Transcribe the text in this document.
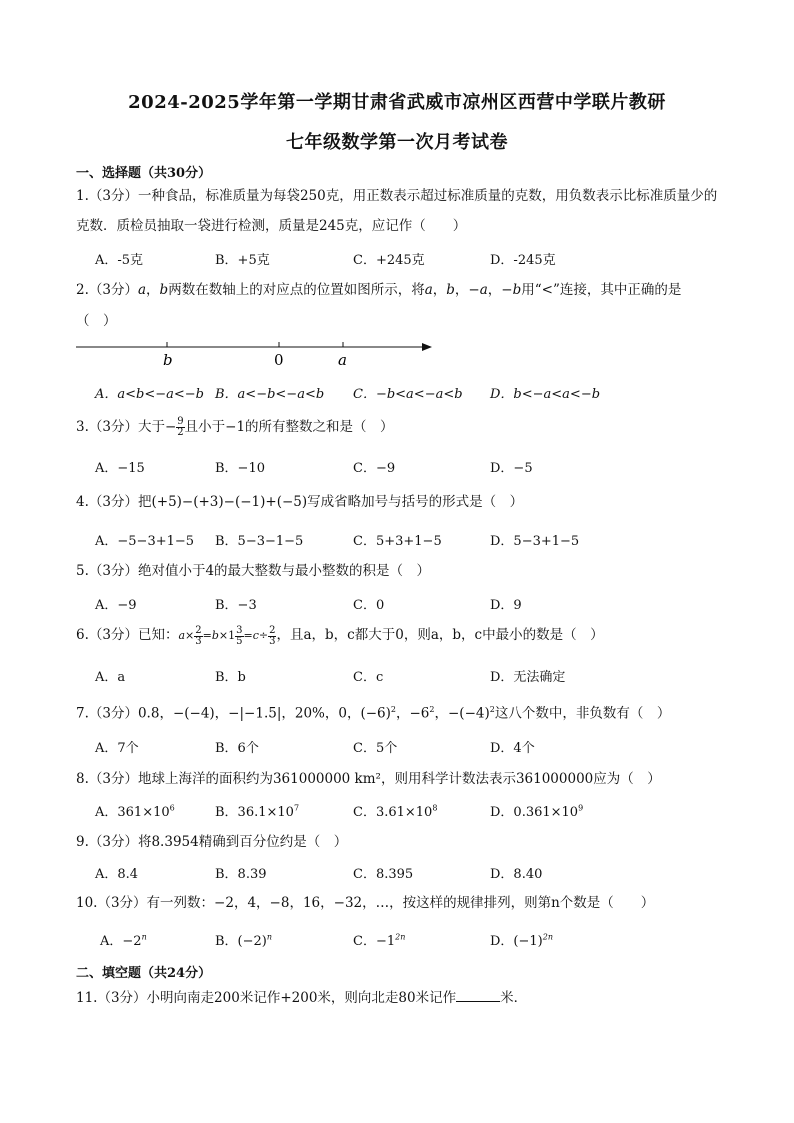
2024-2025学年第一学期甘肃省武威市凉州区西营中学联片教研
七年级数学第一次月考试卷
一、选择题（共30分）
1.（3分）一种食品，标准质量为每袋250克，用正数表示超过标准质量的克数，用负数表示比标准质量少的克数．质检员抽取一袋进行检测，质量是245克，应记作（　　）
A．-5克	B．+5克	C．+245克	D．-245克
2.（3分）a，b两数在数轴上的对应点的位置如图所示，将a，b，−a，−b用“<”连接，其中正确的是
（　）
b	0	a
A．a<b<−a<−b B．a<−b<−a<b C．−b<a<−a<b D．b<−a<a<−b
3.（3分）大于− $\frac{9}{2}$ 且小于−1的所有整数之和是（　）
A．−15	B．−10	C．−9	D．−5
4.（3分）把(+5)−(+3)−(−1)+(−5)写成省略加号与括号的形式是（　）
A．−5−3+1−5 B．5−3−1−5	C．5+3+1−5	D．5−3+1−5
5.（3分）绝对值小于4的最大整数与最小整数的积是（　）
A．−9	B．−3	C．0	D．9
6.（3分）已知：$a\times \frac{2}{3} =b\times 1 \frac{3}{5} =c\div \frac{2}{3}$ ，且a，b，c都大于0，则a，b，c中最小的数是（　）
A．a	B．b	C．c	D．无法确定
7.（3分）0.8，−(−4)，−|−1.5|，20%，0，$(-6)^2$，$-6^2$，$-(-4)^2$这八个数中，非负数有（　）
A．7个	B．6个	C．5个	D．4个
8.（3分）地球上海洋的面积约为361000000 km²，则用科学计数法表示361000000应为（　）
A．$361\times 10^6$	B．$36.1\times 10^7$	C．$3.61\times 10^8$	D．$0.361\times 10^9$
9.（3分）将8.3954精确到百分位约是（　）
A．8.4	B．8.39	C．8.395	D．8.40
10.（3分）有一列数：−2，4，−8，16，−32，…，按这样的规律排列，则第n个数是（　　）
A．$-2^n$	B．$(-2)^n$	C．$-1^{2n}$	D．$(-1)^{2n}$
二、填空题（共24分）
11.（3分）小明向南走200米记作+200米，则向北走80米记作	米．
